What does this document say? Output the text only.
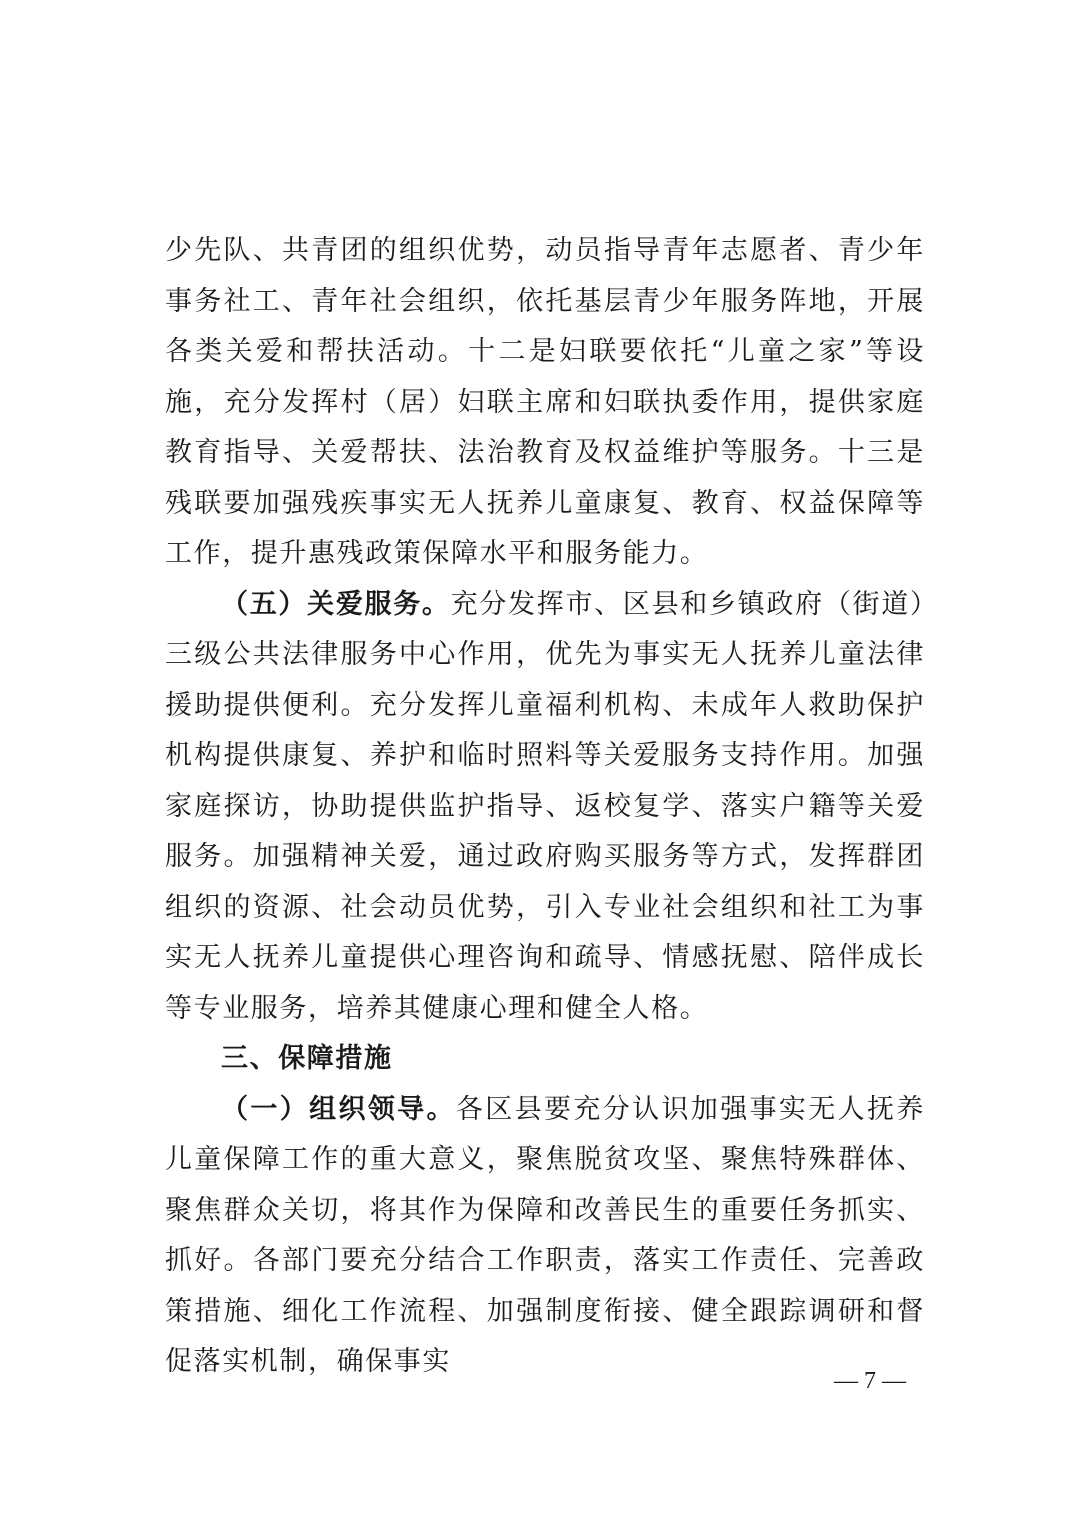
少先队、共青团的组织优势，动员指导青年志愿者、青少年事务社工、青年社会组织，依托基层青少年服务阵地，开展各类关爱和帮扶活动。十二是妇联要依托“儿童之家”等设施，充分发挥村（居）妇联主席和妇联执委作用，提供家庭教育指导、关爱帮扶、法治教育及权益维护等服务。十三是残联要加强残疾事实无人抚养儿童康复、教育、权益保障等工作，提升惠残政策保障水平和服务能力。

（五）关爱服务。充分发挥市、区县和乡镇政府（街道）三级公共法律服务中心作用，优先为事实无人抚养儿童法律援助提供便利。充分发挥儿童福利机构、未成年人救助保护机构提供康复、养护和临时照料等关爱服务支持作用。加强家庭探访，协助提供监护指导、返校复学、落实户籍等关爱服务。加强精神关爱，通过政府购买服务等方式，发挥群团组织的资源、社会动员优势，引入专业社会组织和社工为事实无人抚养儿童提供心理咨询和疏导、情感抚慰、陪伴成长等专业服务，培养其健康心理和健全人格。

三、保障措施

（一）组织领导。各区县要充分认识加强事实无人抚养儿童保障工作的重大意义，聚焦脱贫攻坚、聚焦特殊群体、聚焦群众关切，将其作为保障和改善民生的重要任务抓实、抓好。各部门要充分结合工作职责，落实工作责任、完善政策措施、细化工作流程、加强制度衔接、健全跟踪调研和督促落实机制，确保事实

— 7 —
